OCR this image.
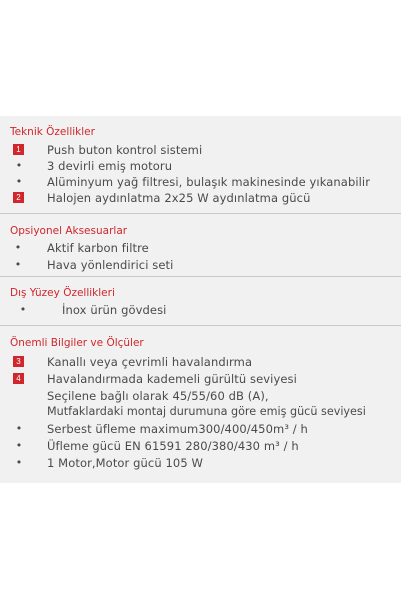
Teknik Özellikler
1 Push buton kontrol sistemi
• 3 devirli emiş motoru
• Alüminyum yağ filtresi, bulaşık makinesinde yıkanabilir
2 Halojen aydınlatma 2x25 W aydınlatma gücü
Opsiyonel Aksesuarlar
• Aktif karbon filtre
• Hava yönlendirici seti
Dış Yüzey Özellikleri
•	İnox ürün gövdesi
Önemli Bilgiler ve Ölçüler
3 Kanallı veya çevrimli havalandırma
4 Havalandırmada kademeli gürültü seviyesi
Seçilene bağlı olarak 45/55/60 dB (A),
Mutfaklardaki montaj durumuna göre emiş gücü seviyesi
• Serbest üfleme maximum300/400/450m³ / h
• Üfleme gücü EN 61591 280/380/430 m³ / h
• 1 Motor,Motor gücü 105 W
